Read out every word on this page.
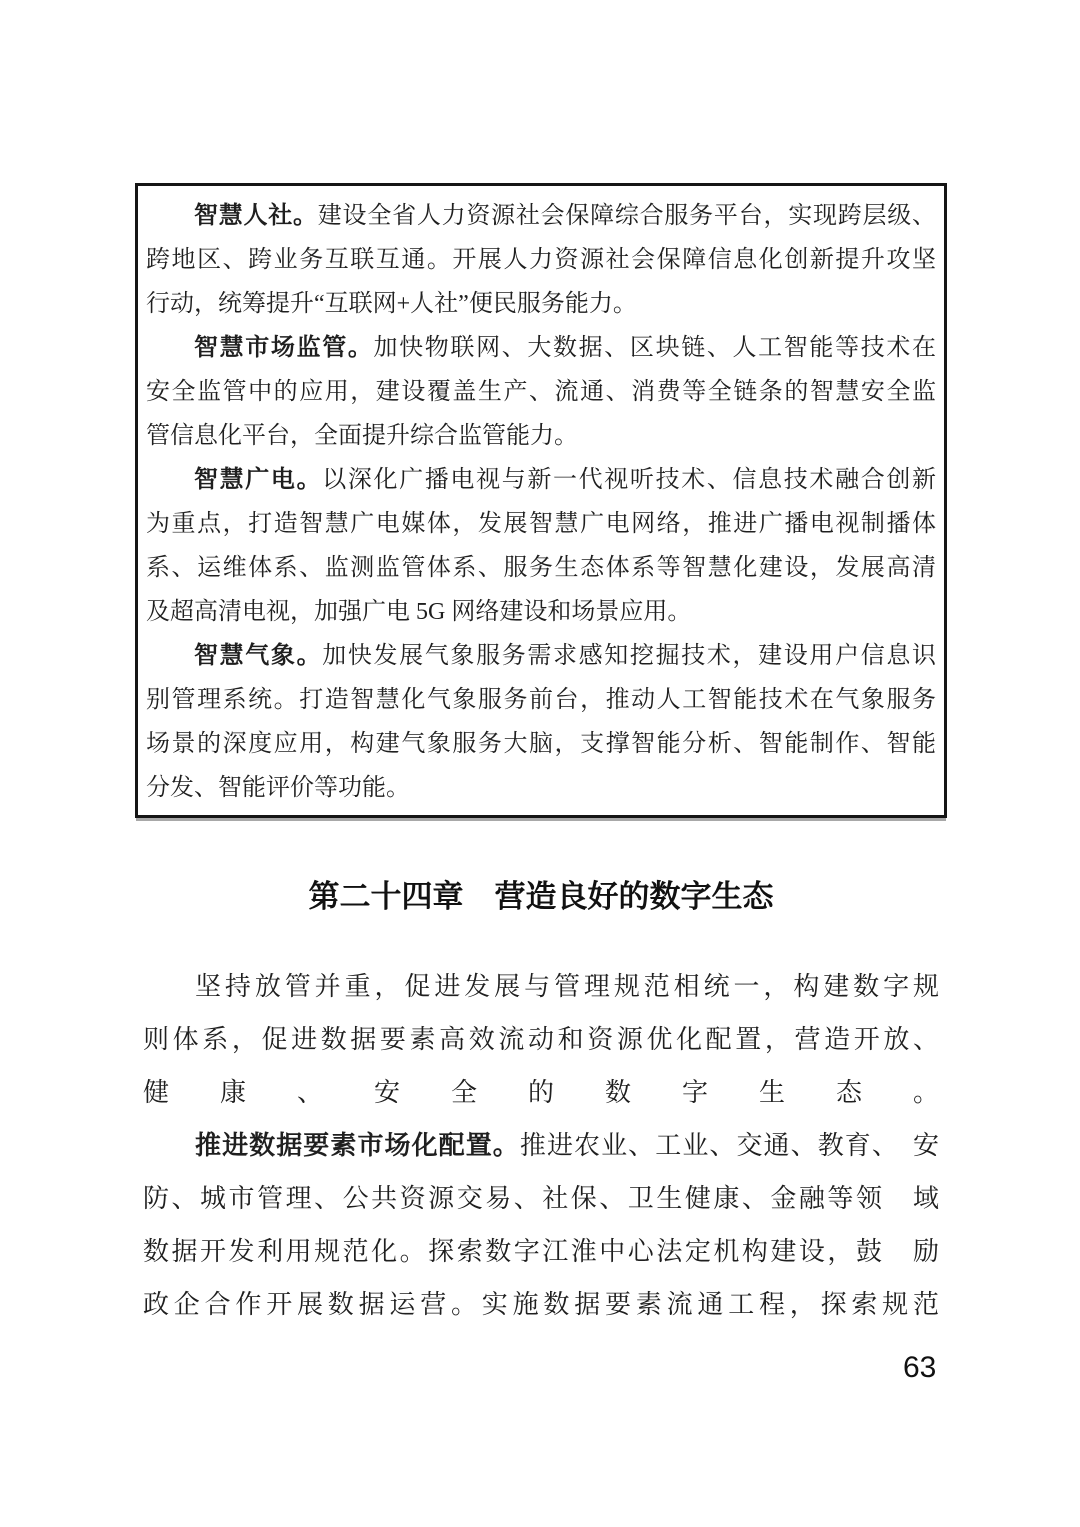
智慧人社。建设全省人力资源社会保障综合服务平台，实现跨层级、
跨地区、跨业务互联互通。开展人力资源社会保障信息化创新提升攻坚
行动，统筹提升“互联网+人社”便民服务能力。
智慧市场监管。加快物联网、大数据、区块链、人工智能等技术在
安全监管中的应用，建设覆盖生产、流通、消费等全链条的智慧安全监
管信息化平台，全面提升综合监管能力。
智慧广电。以深化广播电视与新一代视听技术、信息技术融合创新
为重点，打造智慧广电媒体，发展智慧广电网络，推进广播电视制播体
系、运维体系、监测监管体系、服务生态体系等智慧化建设，发展高清
及超高清电视，加强广电 5G 网络建设和场景应用。
智慧气象。加快发展气象服务需求感知挖掘技术，建设用户信息识
别管理系统。打造智慧化气象服务前台，推动人工智能技术在气象服务
场景的深度应用，构建气象服务大脑，支撑智能分析、智能制作、智能
分发、智能评价等功能。
第二十四章　营造良好的数字生态
坚持放管并重，促进发展与管理规范相统一，构建数字规
则体系，促进数据要素高效流动和资源优化配置，营造开放、
健康、安全的数字生态。
推进数据要素市场化配置。推进农业、工业、交通、教育、　安
防、城市管理、公共资源交易、社保、卫生健康、金融等领　域
数据开发利用规范化。探索数字江淮中心法定机构建设，鼓　励
政企合作开展数据运营。实施数据要素流通工程，探索规范
63
